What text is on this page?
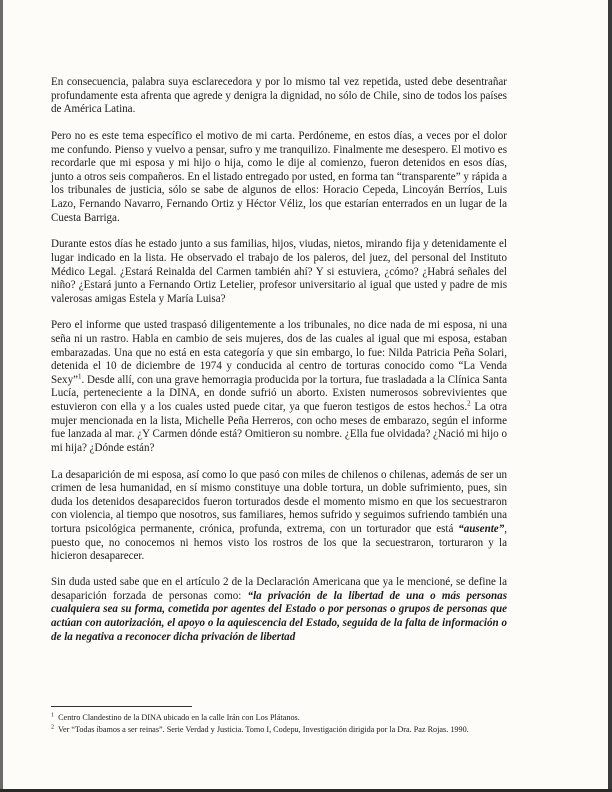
En consecuencia, palabra suya esclarecedora y por lo mismo tal vez repetida, usted debe desentrañar profundamente esta afrenta que agrede y denigra la dignidad, no sólo de Chile, sino de todos los países de América Latina.

Pero no es este tema específico el motivo de mi carta. Perdóneme, en estos días, a veces por el dolor me confundo. Pienso y vuelvo a pensar, sufro y me tranquilizo. Finalmente me desespero. El motivo es recordarle que mi esposa y mi hijo o hija, como le dije al comienzo, fueron detenidos en esos días, junto a otros seis compañeros. En el listado entregado por usted, en forma tan “transparente” y rápida a los tribunales de justicia, sólo se sabe de algunos de ellos: Horacio Cepeda, Lincoyán Berríos, Luis Lazo, Fernando Navarro, Fernando Ortiz y Héctor Véliz, los que estarían enterrados en un lugar de la Cuesta Barriga.

Durante estos días he estado junto a sus familias, hijos, viudas, nietos, mirando fija y detenidamente el lugar indicado en la lista. He observado el trabajo de los paleros, del juez, del personal del Instituto Médico Legal. ¿Estará Reinalda del Carmen también ahí? Y si estuviera, ¿cómo? ¿Habrá señales del niño? ¿Estará junto a Fernando Ortiz Letelier, profesor universitario al igual que usted y padre de mis valerosas amigas Estela y María Luisa?

Pero el informe que usted traspasó diligentemente a los tribunales, no dice nada de mi esposa, ni una seña ni un rastro. Habla en cambio de seis mujeres, dos de las cuales al igual que mi esposa, estaban embarazadas. Una que no está en esta categoría y que sin embargo, lo fue: Nilda Patricia Peña Solari, detenida el 10 de diciembre de 1974 y conducida al centro de torturas conocido como “La Venda Sexy”$^1$. Desde allí, con una grave hemorragia producida por la tortura, fue trasladada a la Clínica Santa Lucía, perteneciente a la DINA, en donde sufrió un aborto. Existen numerosos sobrevivientes que estuvieron con ella y a los cuales usted puede citar, ya que fueron testigos de estos hechos.$^2$ La otra mujer mencionada en la lista, Michelle Peña Herreros, con ocho meses de embarazo, según el informe fue lanzada al mar. ¿Y Carmen dónde está? Omitieron su nombre. ¿Ella fue olvidada? ¿Nació mi hijo o mi hija? ¿Dónde están?

La desaparición de mi esposa, así como lo que pasó con miles de chilenos o chilenas, además de ser un crimen de lesa humanidad, en sí mismo constituye una doble tortura, un doble sufrimiento, pues, sin duda los detenidos desaparecidos fueron torturados desde el momento mismo en que los secuestraron con violencia, al tiempo que nosotros, sus familiares, hemos sufrido y seguimos sufriendo también una tortura psicológica permanente, crónica, profunda, extrema, con un torturador que está “ausente”, puesto que, no conocemos ni hemos visto los rostros de los que la secuestraron, torturaron y la hicieron desaparecer.

Sin duda usted sabe que en el artículo 2 de la Declaración Americana que ya le mencioné, se define la desaparición forzada de personas como: “la privación de la libertad de una o más personas cualquiera sea su forma, cometida por agentes del Estado o por personas o grupos de personas que actúan con autorización, el apoyo o la aquiescencia del Estado, seguida de la falta de información o de la negativa a reconocer dicha privación de libertad

$^1$ Centro Clandestino de la DINA ubicado en la calle Irán con Los Plátanos.

$^2$ Ver “Todas íbamos a ser reinas”. Serie Verdad y Justicia. Tomo I, Codepu, Investigación dirigida por la Dra. Paz Rojas. 1990.
